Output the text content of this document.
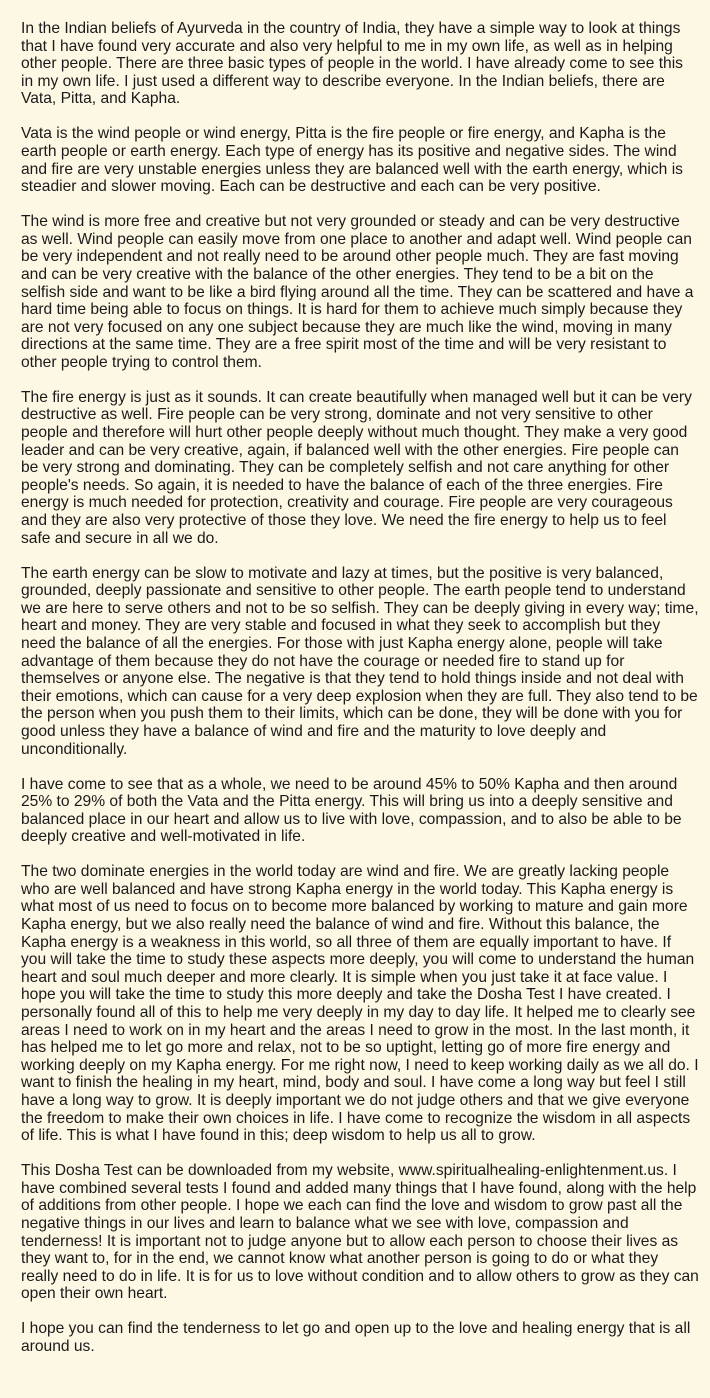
In the Indian beliefs of Ayurveda in the country of India, they have a simple way to look at things that I have found very accurate and also very helpful to me in my own life, as well as in helping other people. There are three basic types of people in the world. I have already come to see this in my own life. I just used a different way to describe everyone. In the Indian beliefs, there are Vata, Pitta, and Kapha.

Vata is the wind people or wind energy, Pitta is the fire people or fire energy, and Kapha is the earth people or earth energy. Each type of energy has its positive and negative sides. The wind and fire are very unstable energies unless they are balanced well with the earth energy, which is steadier and slower moving. Each can be destructive and each can be very positive.

The wind is more free and creative but not very grounded or steady and can be very destructive as well. Wind people can easily move from one place to another and adapt well. Wind people can be very independent and not really need to be around other people much. They are fast moving and can be very creative with the balance of the other energies. They tend to be a bit on the selfish side and want to be like a bird flying around all the time. They can be scattered and have a hard time being able to focus on things. It is hard for them to achieve much simply because they are not very focused on any one subject because they are much like the wind, moving in many directions at the same time. They are a free spirit most of the time and will be very resistant to other people trying to control them.

The fire energy is just as it sounds. It can create beautifully when managed well but it can be very destructive as well. Fire people can be very strong, dominate and not very sensitive to other people and therefore will hurt other people deeply without much thought. They make a very good leader and can be very creative, again, if balanced well with the other energies. Fire people can be very strong and dominating. They can be completely selfish and not care anything for other people's needs. So again, it is needed to have the balance of each of the three energies. Fire energy is much needed for protection, creativity and courage. Fire people are very courageous and they are also very protective of those they love. We need the fire energy to help us to feel safe and secure in all we do.

The earth energy can be slow to motivate and lazy at times, but the positive is very balanced, grounded, deeply passionate and sensitive to other people. The earth people tend to understand we are here to serve others and not to be so selfish. They can be deeply giving in every way; time, heart and money. They are very stable and focused in what they seek to accomplish but they need the balance of all the energies. For those with just Kapha energy alone, people will take advantage of them because they do not have the courage or needed fire to stand up for themselves or anyone else. The negative is that they tend to hold things inside and not deal with their emotions, which can cause for a very deep explosion when they are full. They also tend to be the person when you push them to their limits, which can be done, they will be done with you for good unless they have a balance of wind and fire and the maturity to love deeply and unconditionally.

I have come to see that as a whole, we need to be around 45% to 50% Kapha and then around 25% to 29% of both the Vata and the Pitta energy. This will bring us into a deeply sensitive and balanced place in our heart and allow us to live with love, compassion, and to also be able to be deeply creative and well-motivated in life.

The two dominate energies in the world today are wind and fire. We are greatly lacking people who are well balanced and have strong Kapha energy in the world today. This Kapha energy is what most of us need to focus on to become more balanced by working to mature and gain more Kapha energy, but we also really need the balance of wind and fire. Without this balance, the Kapha energy is a weakness in this world, so all three of them are equally important to have. If you will take the time to study these aspects more deeply, you will come to understand the human heart and soul much deeper and more clearly. It is simple when you just take it at face value. I hope you will take the time to study this more deeply and take the Dosha Test I have created. I personally found all of this to help me very deeply in my day to day life. It helped me to clearly see areas I need to work on in my heart and the areas I need to grow in the most. In the last month, it has helped me to let go more and relax, not to be so uptight, letting go of more fire energy and working deeply on my Kapha energy. For me right now, I need to keep working daily as we all do. I want to finish the healing in my heart, mind, body and soul. I have come a long way but feel I still have a long way to grow. It is deeply important we do not judge others and that we give everyone the freedom to make their own choices in life. I have come to recognize the wisdom in all aspects of life. This is what I have found in this; deep wisdom to help us all to grow.

This Dosha Test can be downloaded from my website, www.spiritualhealing-enlightenment.us. I have combined several tests I found and added many things that I have found, along with the help of additions from other people. I hope we each can find the love and wisdom to grow past all the negative things in our lives and learn to balance what we see with love, compassion and tenderness! It is important not to judge anyone but to allow each person to choose their lives as they want to, for in the end, we cannot know what another person is going to do or what they really need to do in life. It is for us to love without condition and to allow others to grow as they can open their own heart.

I hope you can find the tenderness to let go and open up to the love and healing energy that is all around us.
